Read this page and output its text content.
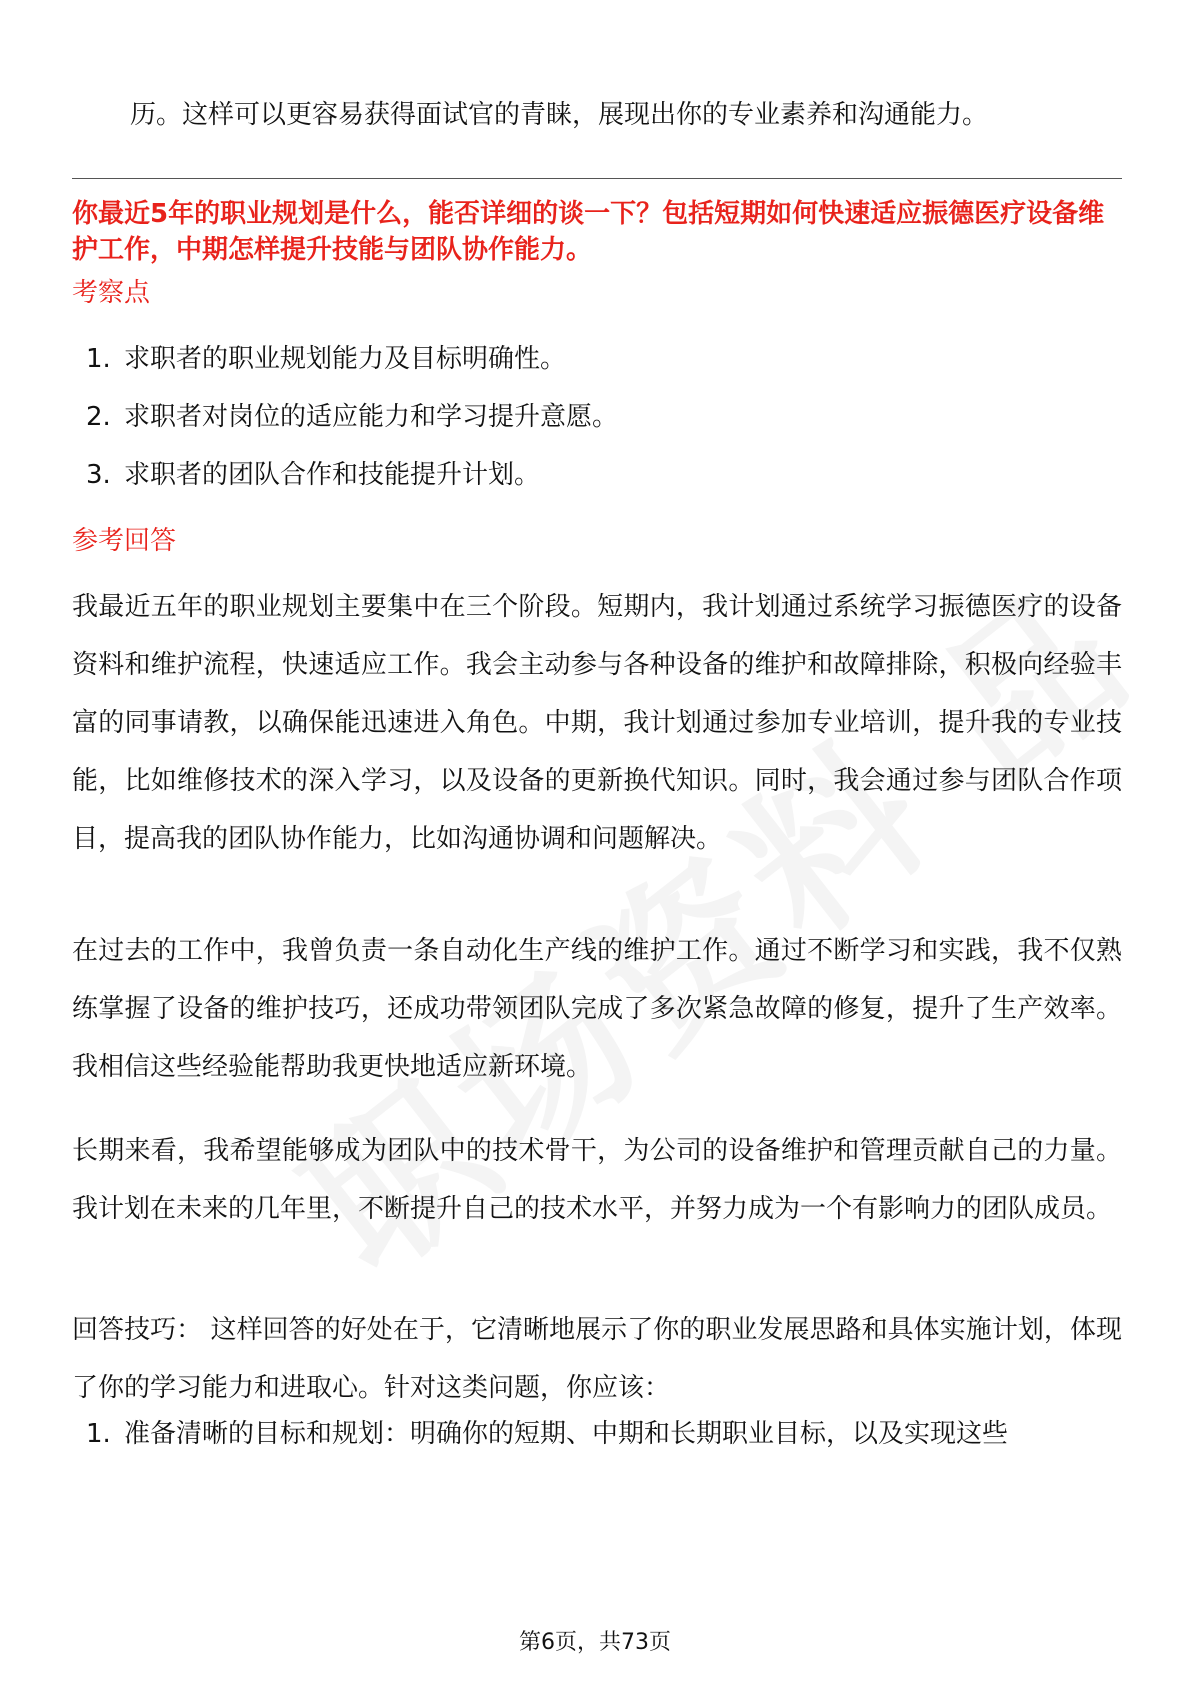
历。这样可以更容易获得面试官的青睐，展现出你的专业素养和沟通能力。

你最近5年的职业规划是什么，能否详细的谈一下？包括短期如何快速适应振德医疗设备维护工作，中期怎样提升技能与团队协作能力。

考察点

1. 求职者的职业规划能力及目标明确性。
2. 求职者对岗位的适应能力和学习提升意愿。
3. 求职者的团队合作和技能提升计划。

参考回答

我最近五年的职业规划主要集中在三个阶段。短期内，我计划通过系统学习振德医疗的设备资料和维护流程，快速适应工作。我会主动参与各种设备的维护和故障排除，积极向经验丰富的同事请教，以确保能迅速进入角色。中期，我计划通过参加专业培训，提升我的专业技能，比如维修技术的深入学习，以及设备的更新换代知识。同时，我会通过参与团队合作项目，提高我的团队协作能力，比如沟通协调和问题解决。

在过去的工作中，我曾负责一条自动化生产线的维护工作。通过不断学习和实践，我不仅熟练掌握了设备的维护技巧，还成功带领团队完成了多次紧急故障的修复，提升了生产效率。我相信这些经验能帮助我更快地适应新环境。

长期来看，我希望能够成为团队中的技术骨干，为公司的设备维护和管理贡献自己的力量。我计划在未来的几年里，不断提升自己的技术水平，并努力成为一个有影响力的团队成员。

回答技巧： 这样回答的好处在于，它清晰地展示了你的职业发展思路和具体实施计划，体现了你的学习能力和进取心。针对这类问题，你应该：

1. 准备清晰的目标和规划：明确你的短期、中期和长期职业目标，以及实现这些
第6页，共73页
